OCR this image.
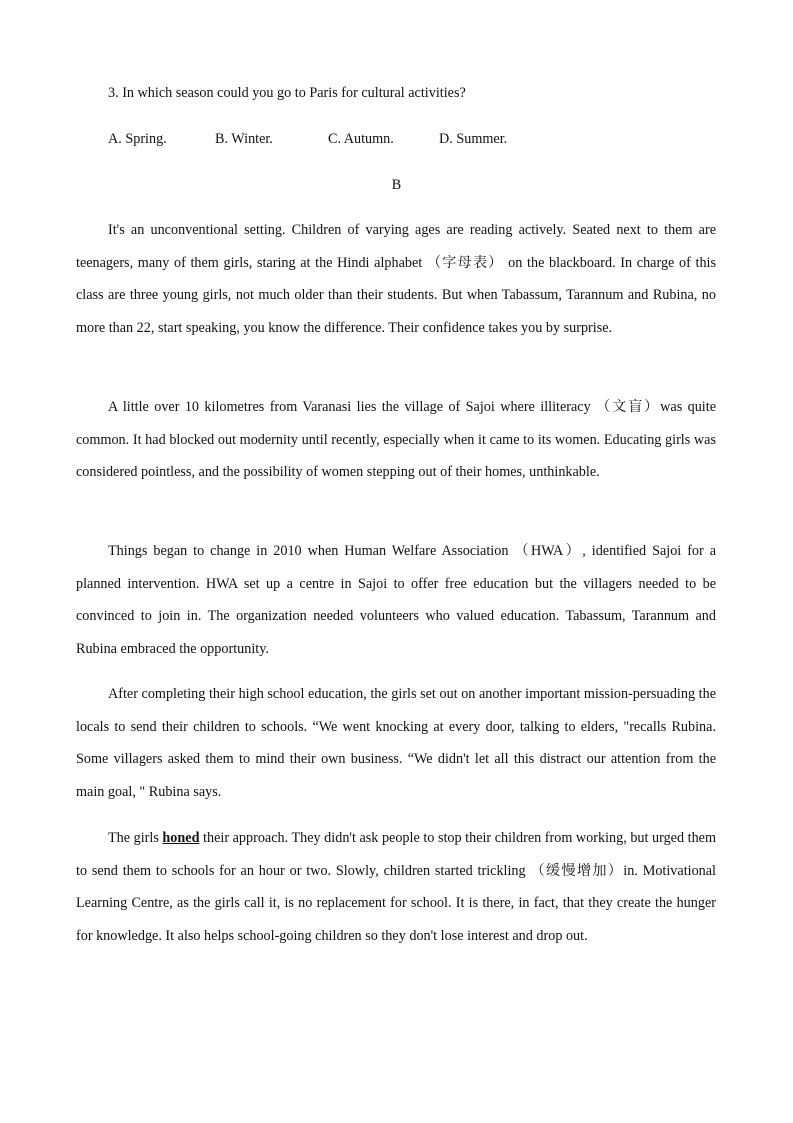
3. In which season could you go to Paris for cultural activities?
A. Spring.	B. Winter.	C. Autumn.	D. Summer.
B

It's an unconventional setting. Children of varying ages are reading actively. Seated next to them are teenagers, many of them girls, staring at the Hindi alphabet （字母表） on the blackboard. In charge of this class are three young girls, not much older than their students. But when Tabassum, Tarannum and Rubina, no more than 22, start speaking, you know the difference. Their confidence takes you by surprise.

A little over 10 kilometres from Varanasi lies the village of Sajoi where illiteracy （文盲）was quite common. It had blocked out modernity until recently, especially when it came to its women. Educating girls was considered pointless, and the possibility of women stepping out of their homes, unthinkable.

Things began to change in 2010 when Human Welfare Association （HWA）, identified Sajoi for a planned intervention. HWA set up a centre in Sajoi to offer free education but the villagers needed to be convinced to join in. The organization needed volunteers who valued education. Tabassum, Tarannum and Rubina embraced the opportunity.

After completing their high school education, the girls set out on another important mission-persuading the locals to send their children to schools. “We went knocking at every door, talking to elders, "recalls Rubina. Some villagers asked them to mind their own business. “We didn't let all this distract our attention from the main goal, " Rubina says.

The girls honed their approach. They didn't ask people to stop their children from working, but urged them to send them to schools for an hour or two. Slowly, children started trickling （缓慢增加）in. Motivational Learning Centre, as the girls call it, is no replacement for school. It is there, in fact, that they create the hunger for knowledge. It also helps school-going children so they don't lose interest and drop out.
